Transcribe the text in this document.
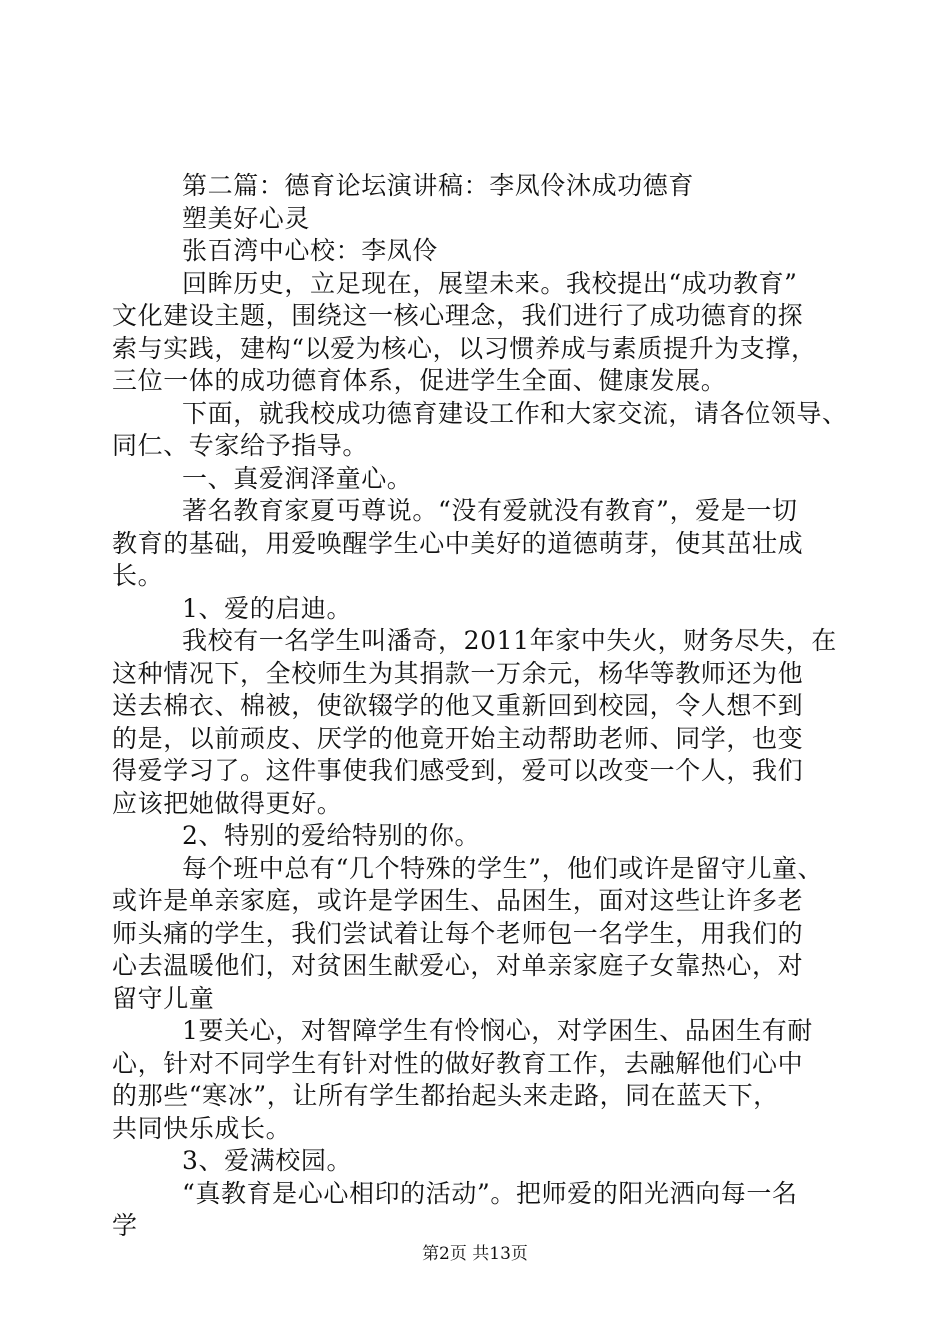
第二篇：德育论坛演讲稿：李凤伶沐成功德育
塑美好心灵
张百湾中心校：李凤伶
回眸历史，立足现在，展望未来。我校提出“成功教育”
文化建设主题，围绕这一核心理念，我们进行了成功德育的探
索与实践，建构“以爱为核心，以习惯养成与素质提升为支撑，
三位一体的成功德育体系，促进学生全面、健康发展。
下面，就我校成功德育建设工作和大家交流，请各位领导、
同仁、专家给予指导。
一、真爱润泽童心。
著名教育家夏丏尊说。“没有爱就没有教育”，爱是一切
教育的基础，用爱唤醒学生心中美好的道德萌芽，使其茁壮成
长。
1、爱的启迪。
我校有一名学生叫潘奇，2011年家中失火，财务尽失，在
这种情况下，全校师生为其捐款一万余元，杨华等教师还为他
送去棉衣、棉被，使欲辍学的他又重新回到校园，令人想不到
的是，以前顽皮、厌学的他竟开始主动帮助老师、同学，也变
得爱学习了。这件事使我们感受到，爱可以改变一个人，我们
应该把她做得更好。
2、特别的爱给特别的你。
每个班中总有“几个特殊的学生”，他们或许是留守儿童、
或许是单亲家庭，或许是学困生、品困生，面对这些让许多老
师头痛的学生，我们尝试着让每个老师包一名学生，用我们的
心去温暖他们，对贫困生献爱心，对单亲家庭子女靠热心，对
留守儿童
1要关心，对智障学生有怜悯心，对学困生、品困生有耐
心，针对不同学生有针对性的做好教育工作，去融解他们心中
的那些“寒冰”，让所有学生都抬起头来走路，同在蓝天下，
共同快乐成长。
3、爱满校园。
“真教育是心心相印的活动”。把师爱的阳光洒向每一名
学
第2页 共13页
